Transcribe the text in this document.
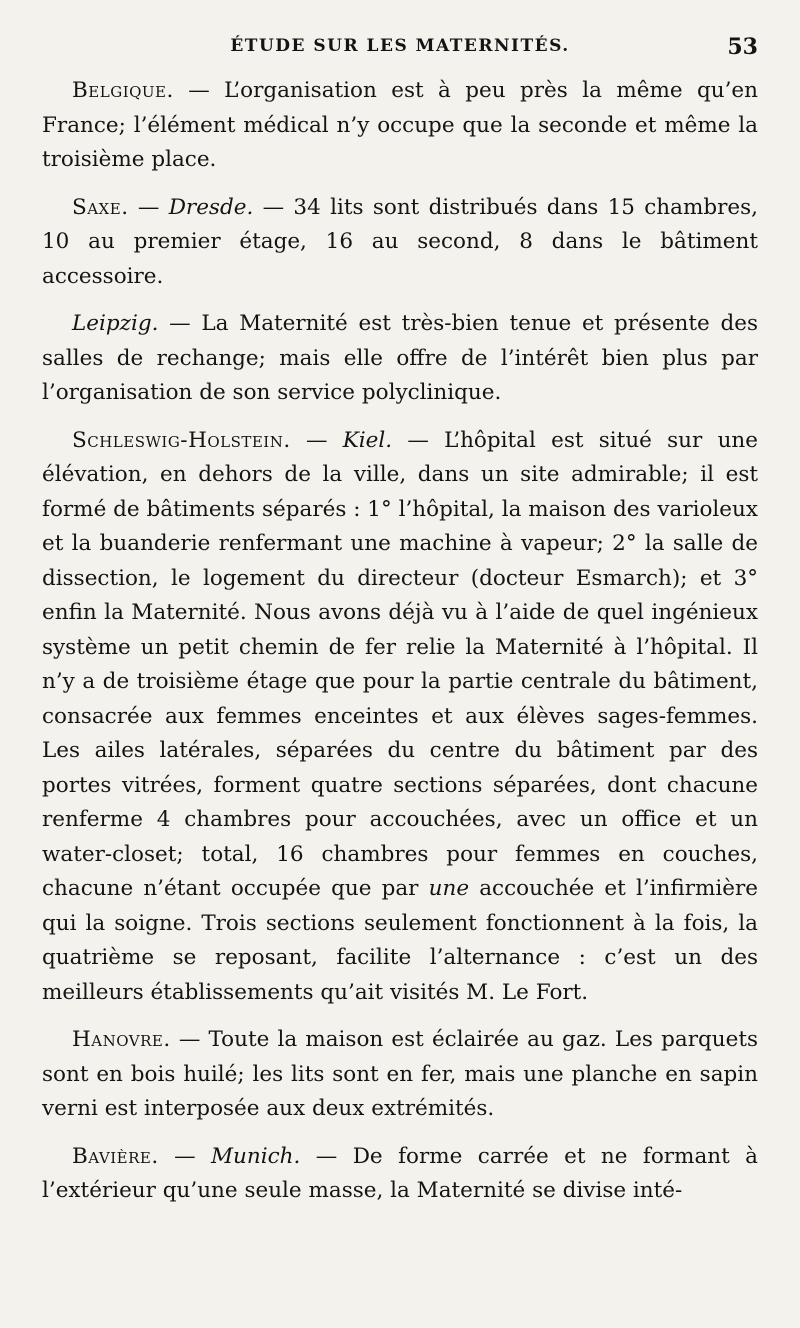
ÉTUDE SUR LES MATERNITÉS.	53

Belgique. — L’organisation est à peu près la même qu’en France; l’élément médical n’y occupe que la seconde et même la troisième place.

Saxe. — Dresde. — 34 lits sont distribués dans 15 chambres, 10 au premier étage, 16 au second, 8 dans le bâtiment accessoire.

Leipzig. — La Maternité est très-bien tenue et présente des salles de rechange; mais elle offre de l’intérêt bien plus par l’organisation de son service polyclinique.

Schleswig-Holstein. — Kiel. — L’hôpital est situé sur une élévation, en dehors de la ville, dans un site admirable; il est formé de bâtiments séparés : 1° l’hôpital, la maison des varioleux et la buanderie renfermant une machine à vapeur; 2° la salle de dissection, le logement du directeur (docteur Esmarch); et 3° enfin la Maternité. Nous avons déjà vu à l’aide de quel ingénieux système un petit chemin de fer relie la Maternité à l’hôpital. Il n’y a de troisième étage que pour la partie centrale du bâtiment, consacrée aux femmes enceintes et aux élèves sages-femmes. Les ailes latérales, séparées du centre du bâtiment par des portes vitrées, forment quatre sections séparées, dont chacune renferme 4 chambres pour accouchées, avec un office et un water-closet; total, 16 chambres pour femmes en couches, chacune n’étant occupée que par une accouchée et l’infirmière qui la soigne. Trois sections seulement fonctionnent à la fois, la quatrième se reposant, facilite l’alternance : c’est un des meilleurs établissements qu’ait visités M. Le Fort.

Hanovre. — Toute la maison est éclairée au gaz. Les parquets sont en bois huilé; les lits sont en fer, mais une planche en sapin verni est interposée aux deux extrémités.

Bavière. — Munich. — De forme carrée et ne formant à l’extérieur qu’une seule masse, la Maternité se divise inté-
